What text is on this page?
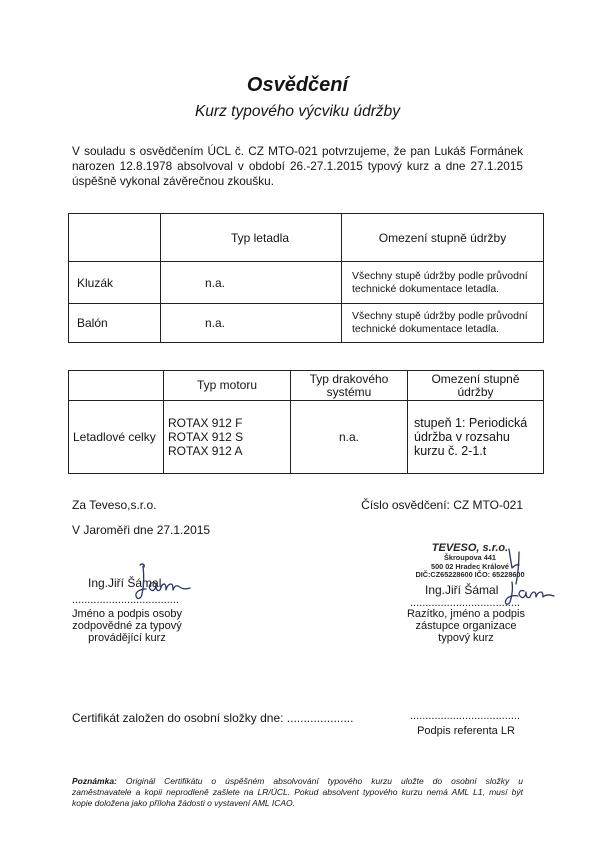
Osvědčení
Kurz typového výcviku údržby
V souladu s osvědčením ÚCL č. CZ MTO-021 potvrzujeme, že pan Lukáš Formánek
narozen 12.8.1978 absolvoval v období 26.-27.1.2015 typový kurz a dne 27.1.2015
úspěšně vykonal závěrečnou zkoušku.
	Typ letadla	Omezení stupně údržby
Kluzák	n.a.	Všechny stupě údržby podle průvodní
technické dokumentace letadla.

Balón	n.a.	Všechny stupě údržby podle průvodní
technické dokumentace letadla.
	Typ motoru	Typ drakového
systému	Omezení stupně
údržby

Letadlové celky	ROTAX 912 F
ROTAX 912 S
ROTAX 912 A	n.a.	stupeň 1: Periodická
údržba v rozsahu
kurzu č. 2-1.t
Za Teveso,s.r.o.	Číslo osvědčení: CZ MTO-021
V Jaroměři dne 27.1.2015
TEVESO, s.r.o.
Škroupova 441
500 02 Hradec Králové
DIČ:CZ65228600 IČO: 65228600
Ing.Jiří Šámal
...................................
Jméno a podpis osoby
zodpovědné za typový
provádějící kurz
Ing.Jiří Šámal
....................................
Razítko, jméno a podpis
zástupce organizace
typový kurz
Certifikát založen do osobní složky dne: ....................	....................................
Podpis referenta LR
Poznámka: Originál Certifikátu o úspěšném absolvování typového kurzu uložte do osobní složky u
zaměstnavatele a kopii neprodleně zašlete na LR/ÚCL. Pokud absolvent typového kurzu nemá AML L1, musí být
kopie doložena jako příloha žádosti o vystavení AML ICAO.
